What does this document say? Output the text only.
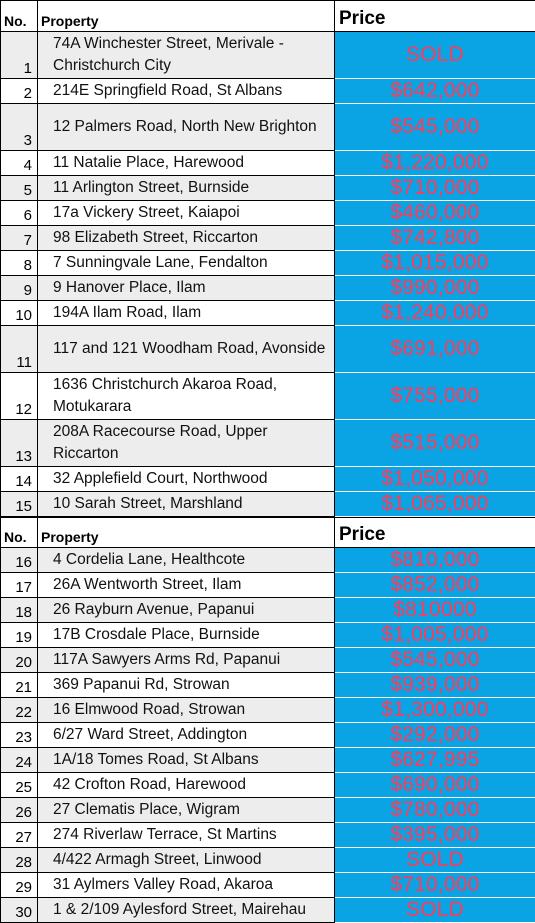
No.	Property	Price
1	74A Winchester Street, Merivale - Christchurch City	SOLD
2	214E Springfield Road, St Albans	$642,000
3	12 Palmers Road, North New Brighton	$545,000
4	11 Natalie Place, Harewood	$1,220,000
5	11 Arlington Street, Burnside	$710,000
6	17a Vickery Street, Kaiapoi	$460,000
7	98 Elizabeth Street, Riccarton	$742,800
8	7 Sunningvale Lane, Fendalton	$1,015,000
9	9 Hanover Place, Ilam	$990,000
10	194A Ilam Road, Ilam	$1,240,000
11	117 and 121 Woodham Road, Avonside	$691,000
12	1636 Christchurch Akaroa Road, Motukarara	$755,000
13	208A Racecourse Road, Upper Riccarton	$515,000
14	32 Applefield Court, Northwood	$1,050,000
15	10 Sarah Street, Marshland	$1,065,000
No.	Property	Price
16	4 Cordelia Lane, Healthcote	$810,000
17	26A Wentworth Street, Ilam	$852,000
18	26 Rayburn Avenue, Papanui	$810000
19	17B Crosdale Place, Burnside	$1,005,000
20	117A Sawyers Arms Rd, Papanui	$545,000
21	369 Papanui Rd, Strowan	$939,000
22	16 Elmwood Road, Strowan	$1,300,000
23	6/27 Ward Street, Addington	$292,000
24	1A/18 Tomes Road, St Albans	$627,995
25	42 Crofton Road, Harewood	$690,000
26	27 Clematis Place, Wigram	$780,000
27	274 Riverlaw Terrace, St Martins	$395,000
28	4/422 Armagh Street, Linwood	SOLD
29	31 Aylmers Valley Road, Akaroa	$710,000
30	1 & 2/109 Aylesford Street, Mairehau	SOLD
